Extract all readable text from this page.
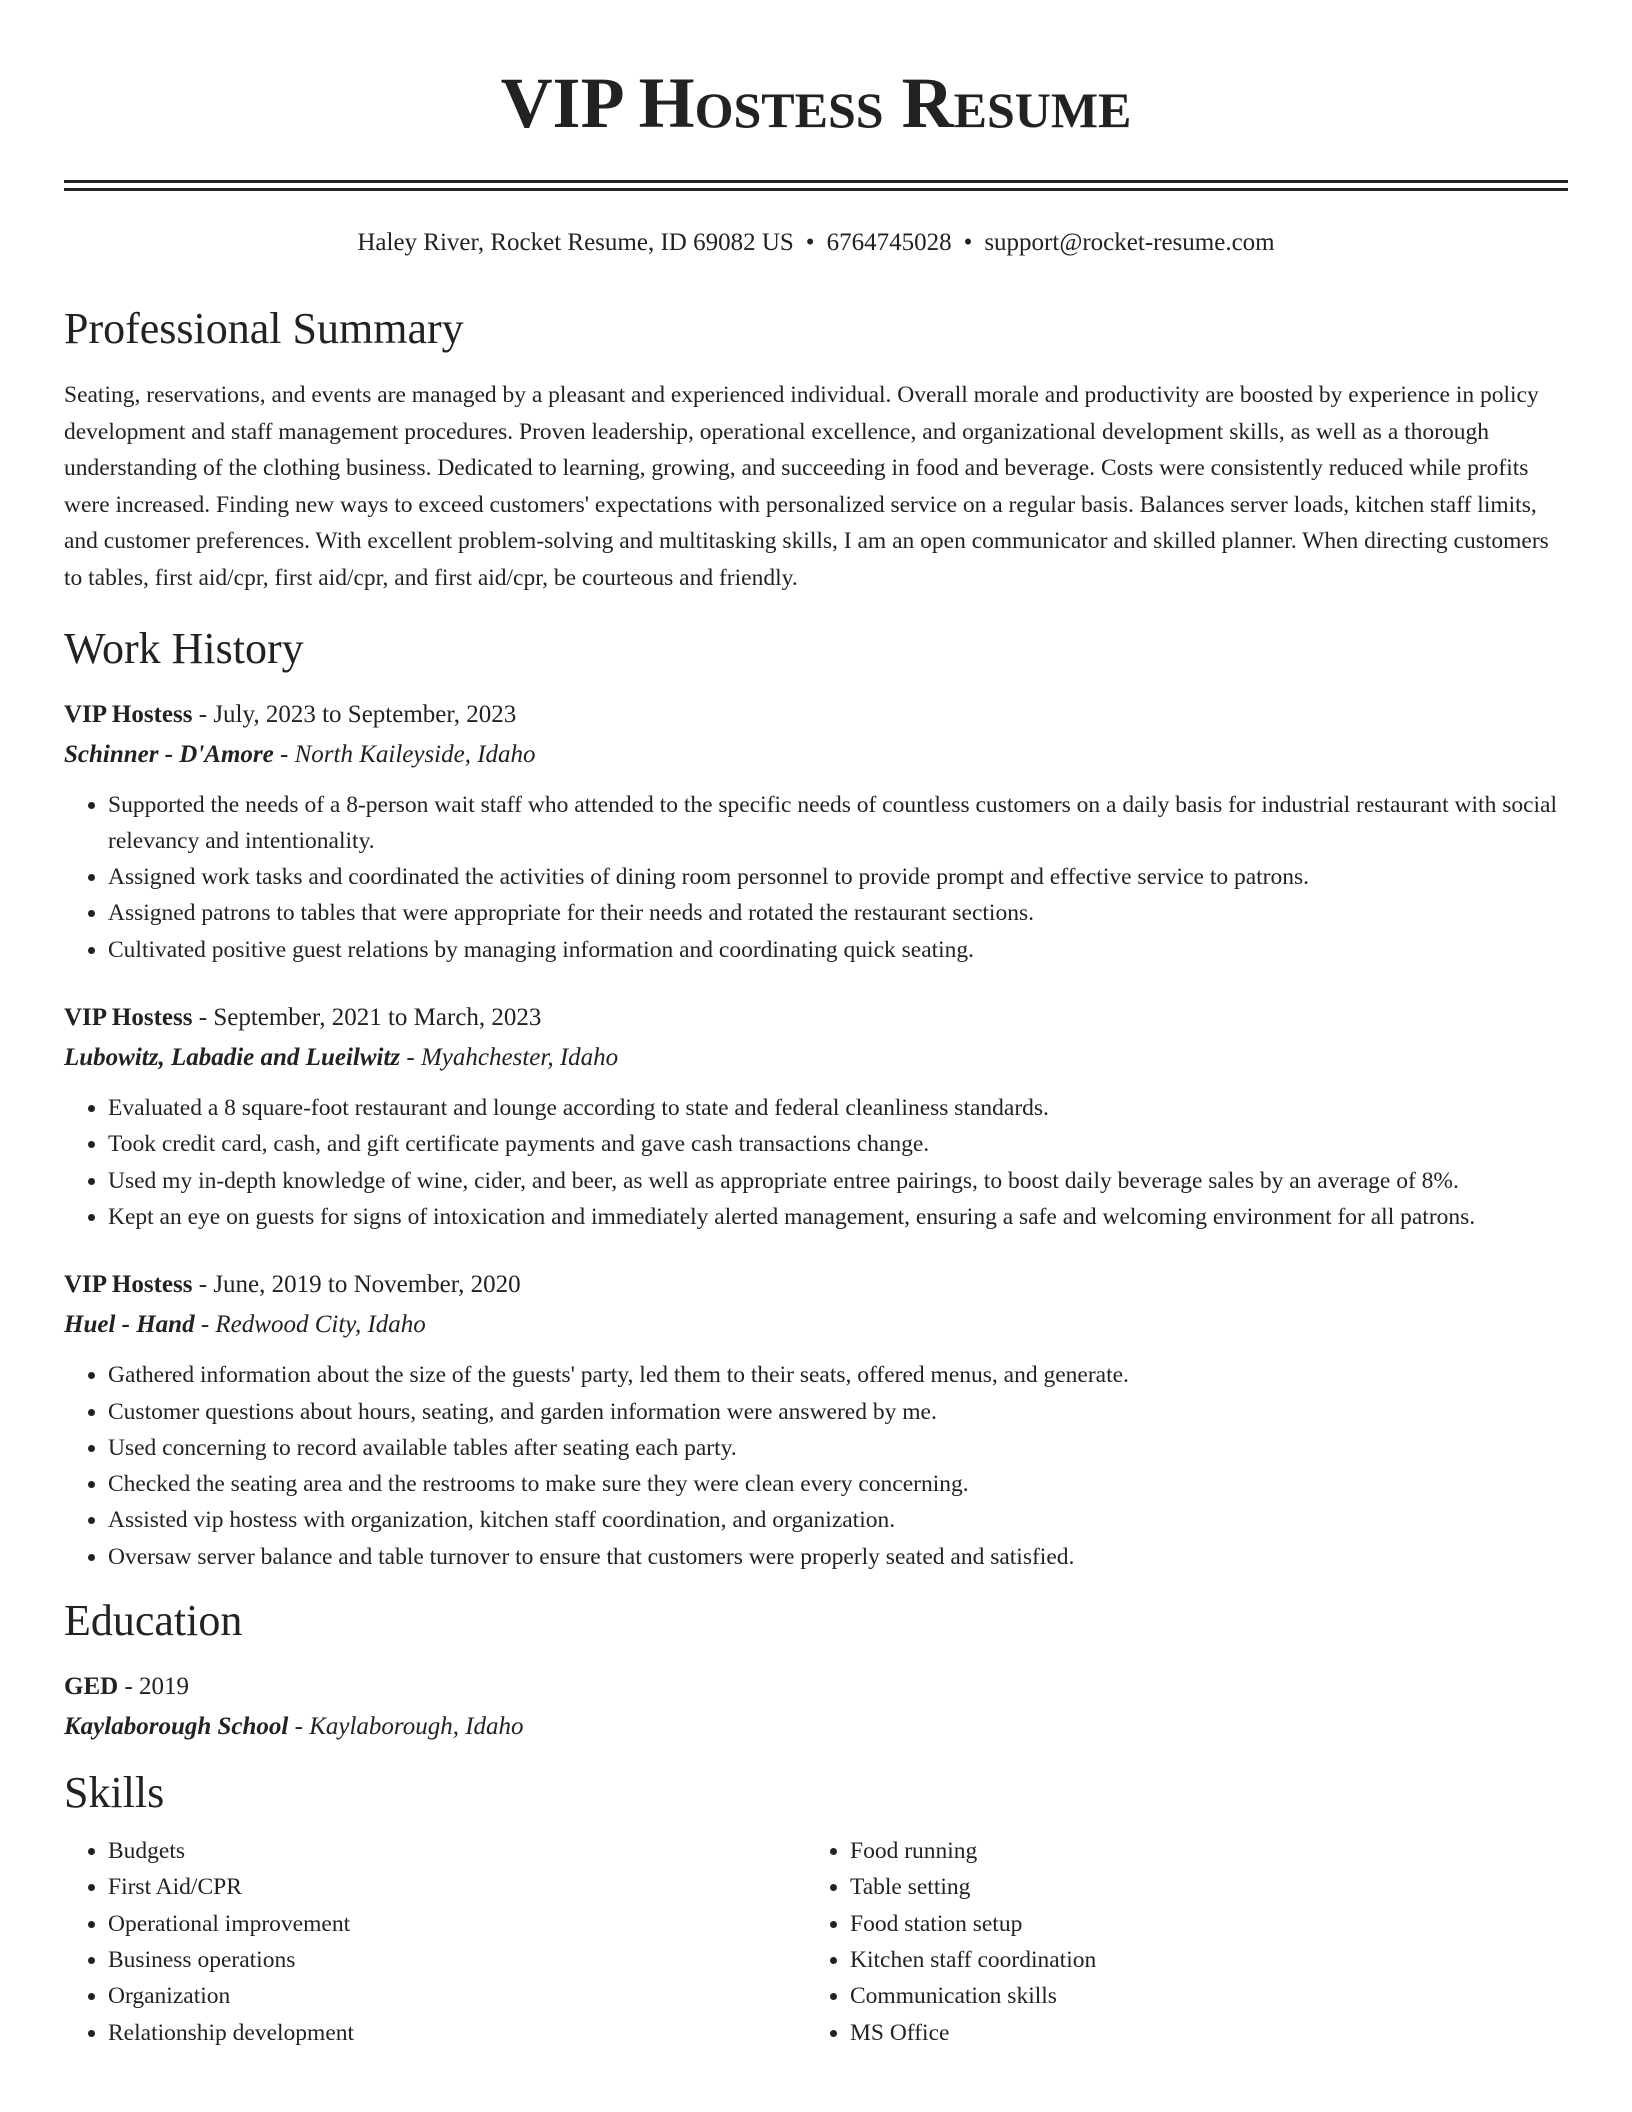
VIP Hostess Resume
Haley River, Rocket Resume, ID 69082 US • 6764745028 • support@rocket-resume.com
Professional Summary
Seating, reservations, and events are managed by a pleasant and experienced individual. Overall morale and productivity are boosted by experience in policy development and staff management procedures. Proven leadership, operational excellence, and organizational development skills, as well as a thorough understanding of the clothing business. Dedicated to learning, growing, and succeeding in food and beverage. Costs were consistently reduced while profits were increased. Finding new ways to exceed customers' expectations with personalized service on a regular basis. Balances server loads, kitchen staff limits, and customer preferences. With excellent problem-solving and multitasking skills, I am an open communicator and skilled planner. When directing customers to tables, first aid/cpr, first aid/cpr, and first aid/cpr, be courteous and friendly.
Work History
VIP Hostess - July, 2023 to September, 2023
Schinner - D'Amore - North Kaileyside, Idaho
• Supported the needs of a 8-person wait staff who attended to the specific needs of countless customers on a daily basis for industrial restaurant with social relevancy and intentionality.
• Assigned work tasks and coordinated the activities of dining room personnel to provide prompt and effective service to patrons.
• Assigned patrons to tables that were appropriate for their needs and rotated the restaurant sections.
• Cultivated positive guest relations by managing information and coordinating quick seating.
VIP Hostess - September, 2021 to March, 2023
Lubowitz, Labadie and Lueilwitz - Myahchester, Idaho
• Evaluated a 8 square-foot restaurant and lounge according to state and federal cleanliness standards.
• Took credit card, cash, and gift certificate payments and gave cash transactions change.
• Used my in-depth knowledge of wine, cider, and beer, as well as appropriate entree pairings, to boost daily beverage sales by an average of 8%.
• Kept an eye on guests for signs of intoxication and immediately alerted management, ensuring a safe and welcoming environment for all patrons.
VIP Hostess - June, 2019 to November, 2020
Huel - Hand - Redwood City, Idaho
• Gathered information about the size of the guests' party, led them to their seats, offered menus, and generate.
• Customer questions about hours, seating, and garden information were answered by me.
• Used concerning to record available tables after seating each party.
• Checked the seating area and the restrooms to make sure they were clean every concerning.
• Assisted vip hostess with organization, kitchen staff coordination, and organization.
• Oversaw server balance and table turnover to ensure that customers were properly seated and satisfied.
Education
GED - 2019
Kaylaborough School - Kaylaborough, Idaho
Skills
• Budgets
• First Aid/CPR
• Operational improvement
• Business operations
• Organization
• Relationship development
• Food running
• Table setting
• Food station setup
• Kitchen staff coordination
• Communication skills
• MS Office
